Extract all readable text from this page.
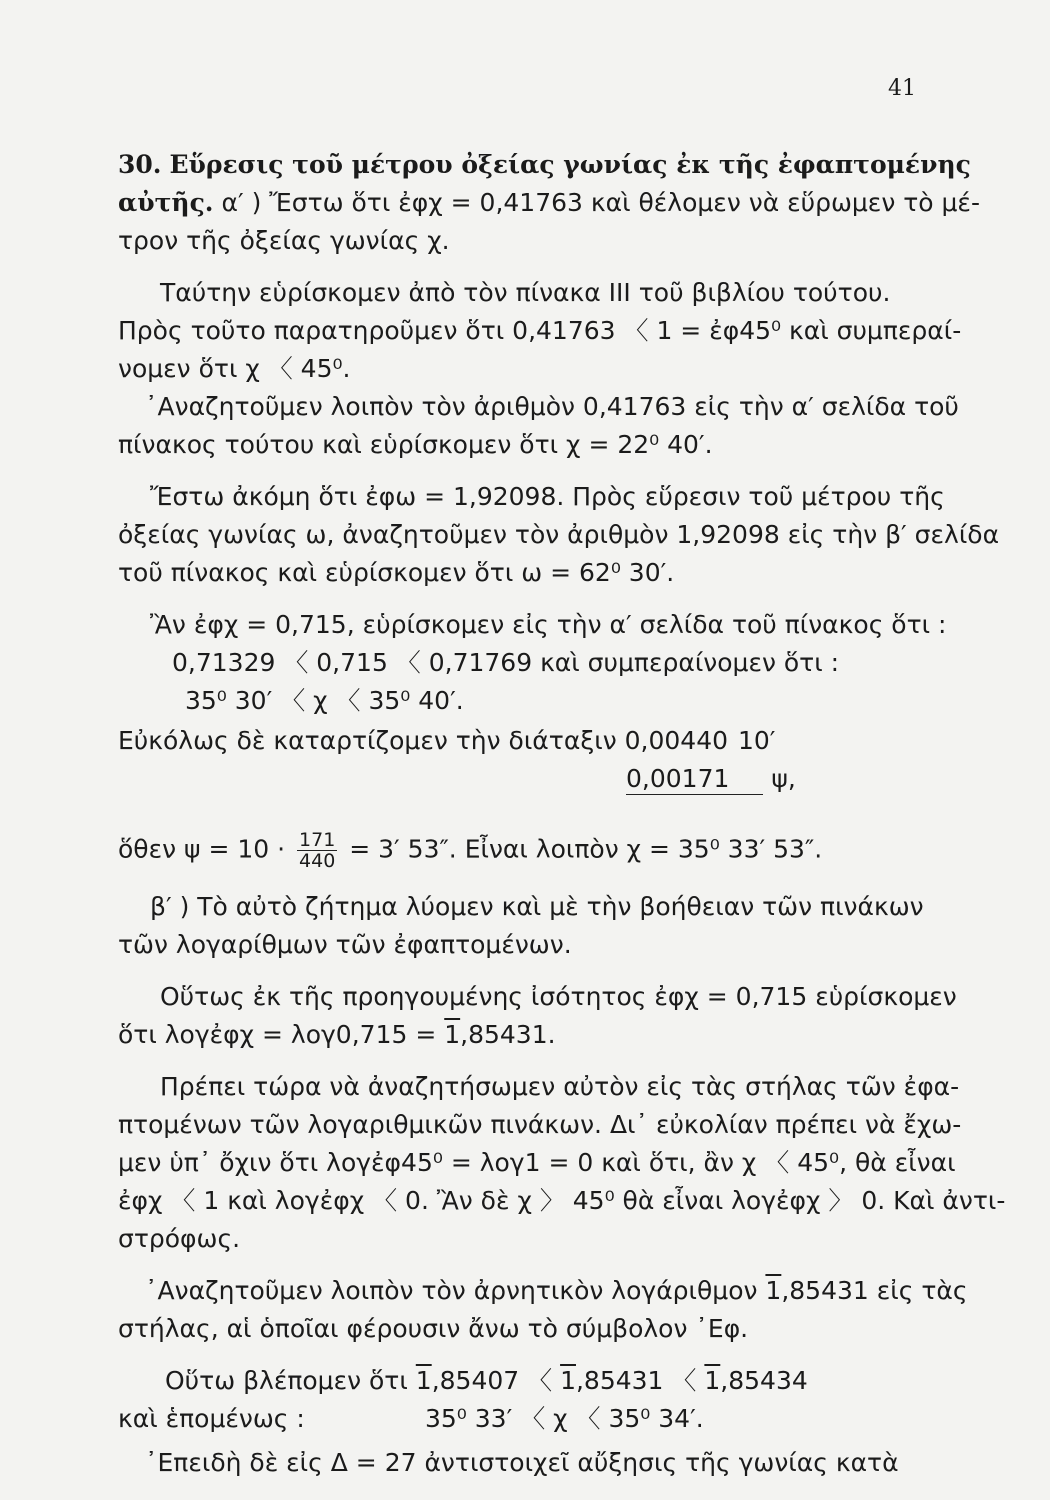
41
30. Εὕρεσις τοῦ μέτρου ὀξείας γωνίας ἐκ τῆς ἐφαπτομένης
αὐτῆς. α′ ) Ἔστω ὅτι ἐφχ = 0,41763 καὶ θέλομεν νὰ εὕρωμεν τὸ μέ-
τρον τῆς ὀξείας γωνίας χ.
Ταύτην εὑρίσκομεν ἀπὸ τὸν πίνακα III τοῦ βιβλίου τούτου.
Πρὸς τοῦτο παρατηροῦμεν ὅτι 0,41763 〈 1 = ἐφ45⁰ καὶ συμπεραί-
νομεν ὅτι χ 〈 45⁰.
᾿Αναζητοῦμεν λοιπὸν τὸν ἀριθμὸν 0,41763 εἰς τὴν α′ σελίδα τοῦ
πίνακος τούτου καὶ εὑρίσκομεν ὅτι χ = 22⁰ 40′.
Ἔστω ἀκόμη ὅτι ἐφω = 1,92098. Πρὸς εὕρεσιν τοῦ μέτρου τῆς
ὀξείας γωνίας ω, ἀναζητοῦμεν τὸν ἀριθμὸν 1,92098 εἰς τὴν β′ σελίδα
τοῦ πίνακος καὶ εὑρίσκομεν ὅτι ω = 62⁰ 30′.
Ἂν ἐφχ = 0,715, εὑρίσκομεν εἰς τὴν α′ σελίδα τοῦ πίνακος ὅτι :
0,71329 〈 0,715 〈 0,71769 καὶ συμπεραίνομεν ὅτι :
35⁰ 30′ 〈 χ 〈 35⁰ 40′.
Εὐκόλως δὲ καταρτίζομεν τὴν διάταξιν 0,00440 10′
0,00171 ψ,
ὅθεν $\psi = 10 \cdot \frac{171}{440} = 3'$ 53″. Εἶναι λοιπὸν χ = 35⁰ 33′ 53″.
β′ ) Τὸ αὐτὸ ζήτημα λύομεν καὶ μὲ τὴν βοήθειαν τῶν πινάκων
τῶν λογαρίθμων τῶν ἐφαπτομένων.
Οὕτως ἐκ τῆς προηγουμένης ἰσότητος ἐφχ = 0,715 εὑρίσκομεν
ὅτι λογἐφχ = λογ0,715 = 1,85431.
Πρέπει τώρα νὰ ἀναζητήσωμεν αὐτὸν εἰς τὰς στήλας τῶν ἐφα-
πτομένων τῶν λογαριθμικῶν πινάκων. Δι᾿ εὐκολίαν πρέπει νὰ ἔχω-
μεν ὑπ᾿ ὄχιν ὅτι λογἐφ45⁰ = λογ1 = 0 καὶ ὅτι, ἂν χ 〈 45⁰, θὰ εἶναι
ἐφχ 〈 1 καὶ λογἐφχ 〈 0. Ἂν δὲ χ 〉 45⁰ θὰ εἶναι λογἐφχ 〉 0. Καὶ ἀντι-
στρόφως.
᾿Αναζητοῦμεν λοιπὸν τὸν ἀρνητικὸν λογάριθμον 1,85431 εἰς τὰς
στήλας, αἱ ὁποῖαι φέρουσιν ἄνω τὸ σύμβολον ᾿Εφ.
Οὕτω βλέπομεν ὅτι 1,85407 〈 1,85431 〈 1,85434
καὶ ἑπομένως :	35⁰ 33′ 〈 χ 〈 35⁰ 34′.
᾿Επειδὴ δὲ εἰς Δ = 27 ἀντιστοιχεῖ αὔξησις τῆς γωνίας κατὰ
